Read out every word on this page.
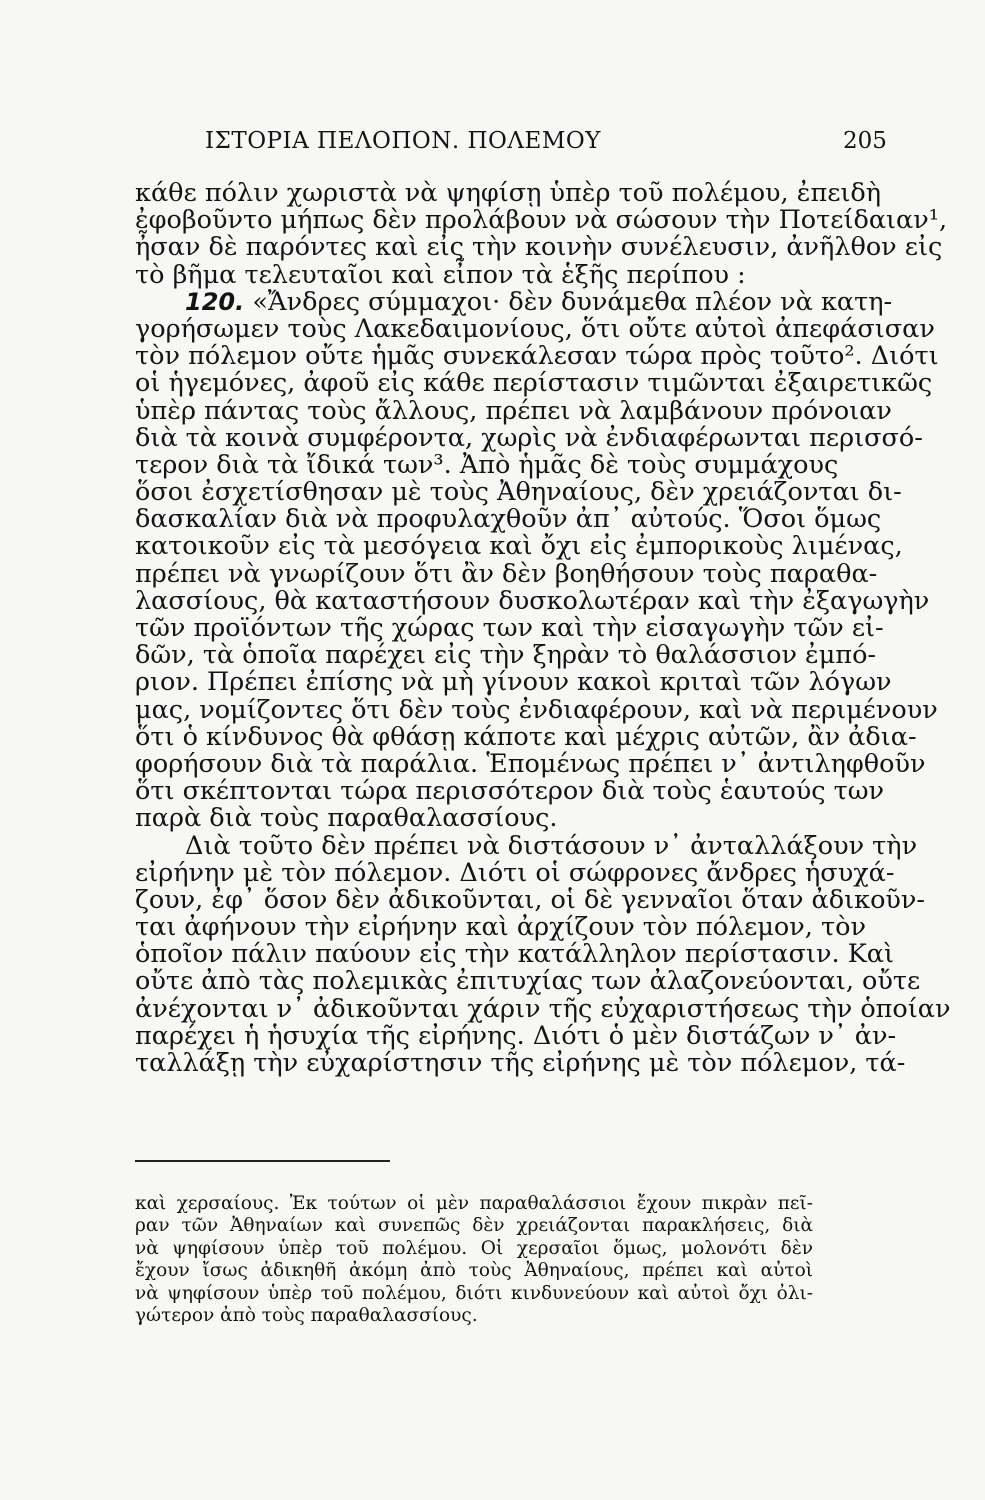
ΙΣΤΟΡΙΑ ΠΕΛΟΠΟΝ. ΠΟΛΕΜΟΥ	205
κάθε πόλιν χωριστὰ νὰ ψηφίσῃ ὑπὲρ τοῦ πολέμου, ἐπειδὴ
ἐφοβοῦντο μήπως δὲν προλάβουν νὰ σώσουν τὴν Ποτείδαιαν¹,
ἦσαν δὲ παρόντες καὶ εἰς τὴν κοινὴν συνέλευσιν, ἀνῆλθον εἰς
τὸ βῆμα τελευταῖοι καὶ εἶπον τὰ ἑξῆς περίπου :
120. «Ἄνδρες σύμμαχοι· δὲν δυνάμεθα πλέον νὰ κατη-
γορήσωμεν τοὺς Λακεδαιμονίους, ὅτι οὔτε αὐτοὶ ἀπεφάσισαν
τὸν πόλεμον οὔτε ἡμᾶς συνεκάλεσαν τώρα πρὸς τοῦτο². Διότι
οἱ ἡγεμόνες, ἀφοῦ εἰς κάθε περίστασιν τιμῶνται ἐξαιρετικῶς
ὑπὲρ πάντας τοὺς ἄλλους, πρέπει νὰ λαμβάνουν πρόνοιαν
διὰ τὰ κοινὰ συμφέροντα, χωρὶς νὰ ἐνδιαφέρωνται περισσό-
τερον διὰ τὰ ἴδικά των³. Ἀπὸ ἡμᾶς δὲ τοὺς συμμάχους
ὅσοι ἐσχετίσθησαν μὲ τοὺς Ἀθηναίους, δὲν χρειάζονται δι-
δασκαλίαν διὰ νὰ προφυλαχθοῦν ἀπ᾽ αὐτούς. Ὅσοι ὅμως
κατοικοῦν εἰς τὰ μεσόγεια καὶ ὄχι εἰς ἐμπορικοὺς λιμένας,
πρέπει νὰ γνωρίζουν ὅτι ἂν δὲν βοηθήσουν τοὺς παραθα-
λασσίους, θὰ καταστήσουν δυσκολωτέραν καὶ τὴν ἐξαγωγὴν
τῶν προϊόντων τῆς χώρας των καὶ τὴν εἰσαγωγὴν τῶν εἰ-
δῶν, τὰ ὁποῖα παρέχει εἰς τὴν ξηρὰν τὸ θαλάσσιον ἐμπό-
ριον. Πρέπει ἐπίσης νὰ μὴ γίνουν κακοὶ κριταὶ τῶν λόγων
μας, νομίζοντες ὅτι δὲν τοὺς ἐνδιαφέρουν, καὶ νὰ περιμένουν
ὅτι ὁ κίνδυνος θὰ φθάσῃ κάποτε καὶ μέχρις αὐτῶν, ἂν ἀδια-
φορήσουν διὰ τὰ παράλια. Ἑπομένως πρέπει ν᾽ ἀντιληφθοῦν
ὅτι σκέπτονται τώρα περισσότερον διὰ τοὺς ἑαυτούς των
παρὰ διὰ τοὺς παραθαλασσίους.
Διὰ τοῦτο δὲν πρέπει νὰ διστάσουν ν᾽ ἀνταλλάξουν τὴν
εἰρήνην μὲ τὸν πόλεμον. Διότι οἱ σώφρονες ἄνδρες ἡσυχά-
ζουν, ἐφ᾽ ὅσον δὲν ἀδικοῦνται, οἱ δὲ γενναῖοι ὅταν ἀδικοῦν-
ται ἀφήνουν τὴν εἰρήνην καὶ ἀρχίζουν τὸν πόλεμον, τὸν
ὁποῖον πάλιν παύουν εἰς τὴν κατάλληλον περίστασιν. Καὶ
οὔτε ἀπὸ τὰς πολεμικὰς ἐπιτυχίας των ἀλαζονεύονται, οὔτε
ἀνέχονται ν᾽ ἀδικοῦνται χάριν τῆς εὐχαριστήσεως τὴν ὁποίαν
παρέχει ἡ ἡσυχία τῆς εἰρήνης. Διότι ὁ μὲν διστάζων ν᾽ ἀν-
ταλλάξῃ τὴν εὐχαρίστησιν τῆς εἰρήνης μὲ τὸν πόλεμον, τά-
καὶ χερσαίους. Ἐκ τούτων οἱ μὲν παραθαλάσσιοι ἔχουν πικρὰν πεῖ-
ραν τῶν Ἀθηναίων καὶ συνεπῶς δὲν χρειάζονται παρακλήσεις, διὰ
νὰ ψηφίσουν ὑπὲρ τοῦ πολέμου. Οἱ χερσαῖοι ὅμως, μολονότι δὲν
ἔχουν ἴσως ἀδικηθῆ ἀκόμη ἀπὸ τοὺς Ἀθηναίους, πρέπει καὶ αὐτοὶ
νὰ ψηφίσουν ὑπὲρ τοῦ πολέμου, διότι κινδυνεύουν καὶ αὐτοὶ ὄχι ὀλι-
γώτερον ἀπὸ τοὺς παραθαλασσίους.
